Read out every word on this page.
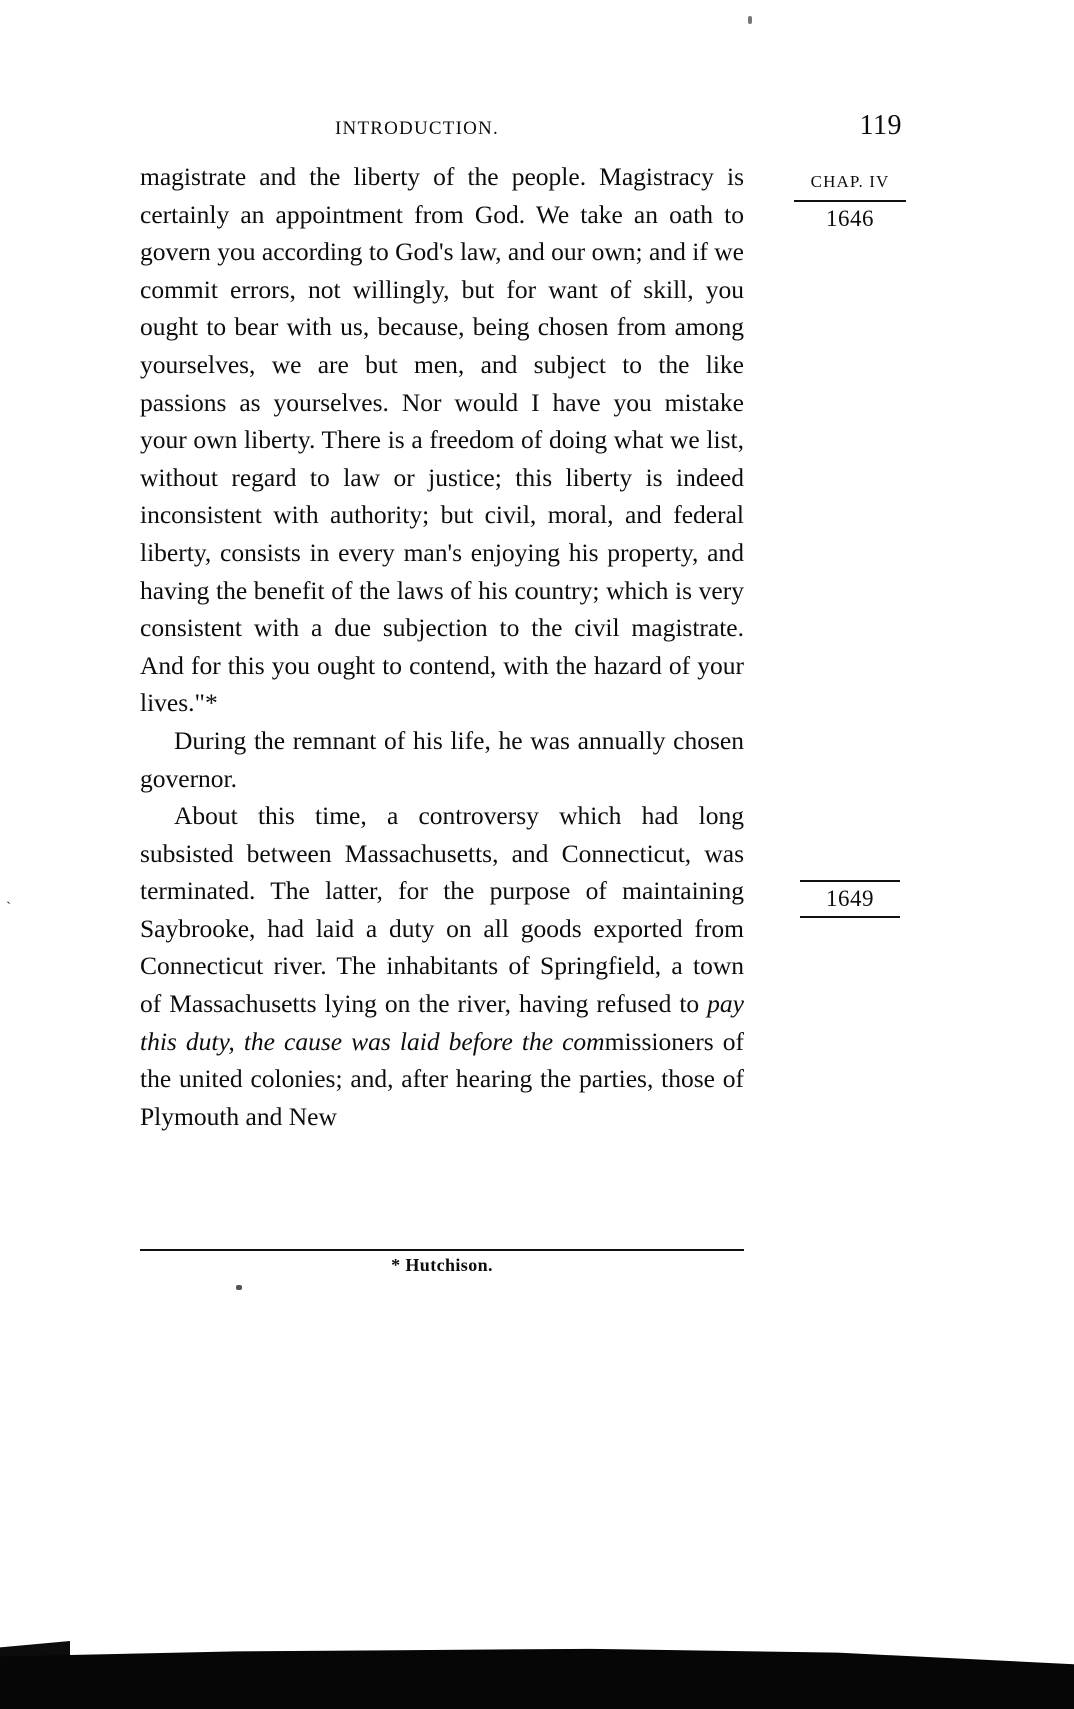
INTRODUCTION.	119
CHAP. IV
1646
1649

magistrate and the liberty of the people. Magistracy is certainly an appointment from God. We take an oath to govern you according to God's law, and our own; and if we commit errors, not willingly, but for want of skill, you ought to bear with us, because, being chosen from among yourselves, we are but men, and subject to the like passions as yourselves. Nor would I have you mistake your own liberty. There is a freedom of doing what we list, without regard to law or justice; this liberty is indeed inconsistent with authority; but civil, moral, and federal liberty, consists in every man's enjoying his property, and having the benefit of the laws of his country; which is very consistent with a due subjection to the civil magistrate. And for this you ought to contend, with the hazard of your lives."*

During the remnant of his life, he was annually chosen governor.

About this time, a controversy which had long subsisted between Massachusetts, and Connecticut, was terminated. The latter, for the purpose of maintaining Saybrooke, had laid a duty on all goods exported from Connecticut river. The inhabitants of Springfield, a town of Massachusetts lying on the river, having refused to pay this duty, the cause was laid before the commissioners of the united colonies; and, after hearing the parties, those of Plymouth and New

* Hutchison.
ˋ
